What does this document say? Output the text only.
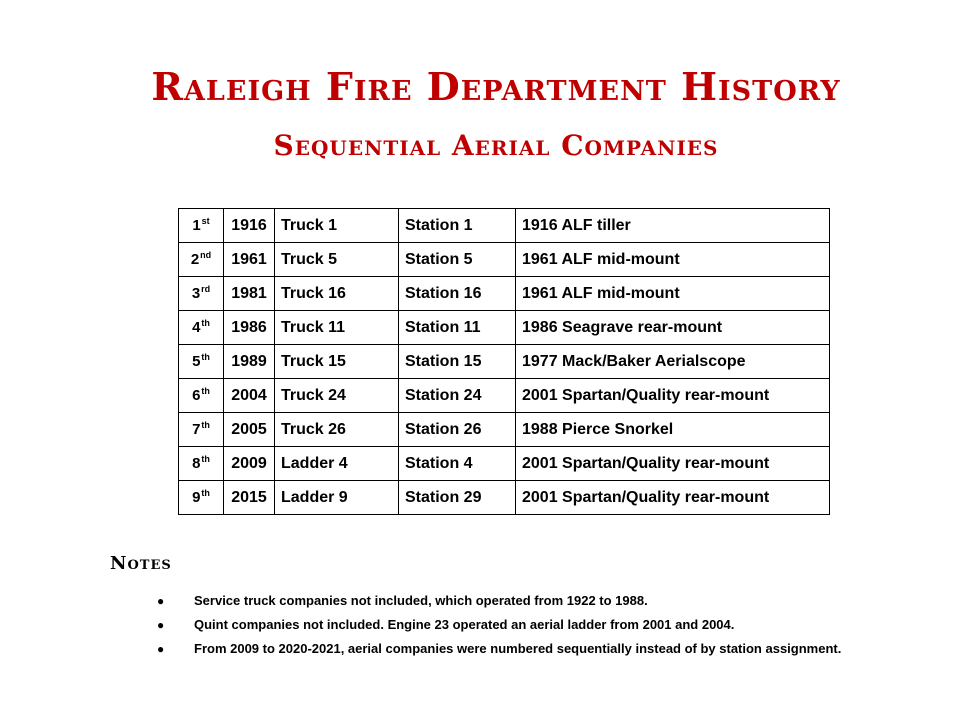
Raleigh Fire Department History
Sequential Aerial Companies
1st	1916	Truck 1	Station 1	1916 ALF tiller
2nd	1961	Truck 5	Station 5	1961 ALF mid-mount
3rd	1981	Truck 16	Station 16	1961 ALF mid-mount
4th	1986	Truck 11	Station 11	1986 Seagrave rear-mount
5th	1989	Truck 15	Station 15	1977 Mack/Baker Aerialscope
6th	2004	Truck 24	Station 24	2001 Spartan/Quality rear-mount
7th	2005	Truck 26	Station 26	1988 Pierce Snorkel
8th	2009	Ladder 4	Station 4	2001 Spartan/Quality rear-mount
9th	2015	Ladder 9	Station 29	2001 Spartan/Quality rear-mount
Notes
● Service truck companies not included, which operated from 1922 to 1988.
● Quint companies not included. Engine 23 operated an aerial ladder from 2001 and 2004.
● From 2009 to 2020-2021, aerial companies were numbered sequentially instead of by station assignment.
